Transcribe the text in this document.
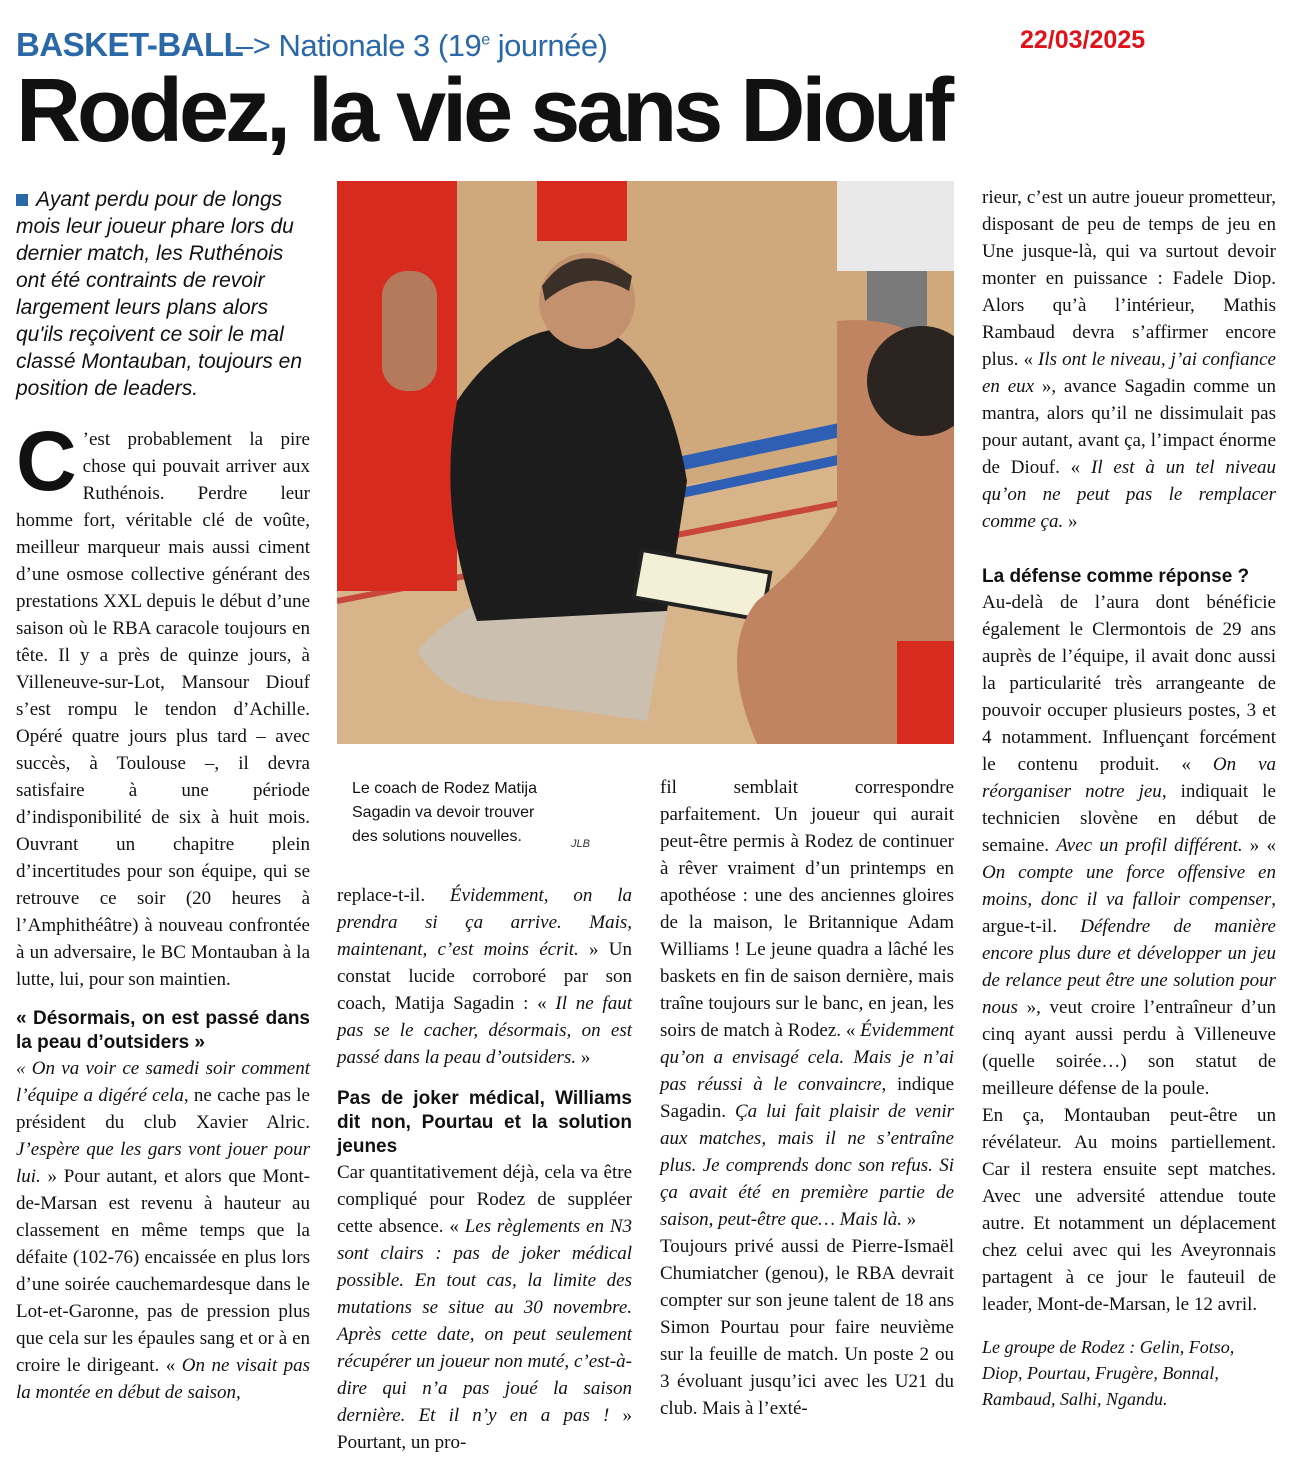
BASKET-BALL
–> Nationale 3 (19e journée)	22/03/2025
Rodez, la vie sans Diouf
Ayant perdu pour de longs mois leur joueur phare lors du dernier match, les Ruthénois ont été contraints de revoir largement leurs plans alors qu'ils reçoivent ce soir le mal classé Montauban, toujours en position de leaders.
Le coach de Rodez Matija Sagadin va devoir trouver des solutions nouvelles.	JLB

C ’est probablement la pire chose qui pouvait arriver aux Ruthénois. Perdre leur homme fort, véritable clé de voûte, meilleur marqueur mais aussi ciment d’une osmose collective générant des prestations XXL depuis le début d’une saison où le RBA caracole toujours en tête. Il y a près de quinze jours, à Villeneuve-sur-Lot, Mansour Diouf s’est rompu le tendon d’Achille. Opéré quatre jours plus tard – avec succès, à Toulouse –, il devra satisfaire à une période d’indisponibilité de six à huit mois. Ouvrant un chapitre plein d’incertitudes pour son équipe, qui se retrouve ce soir (20 heures à l’Amphithéâtre) à nouveau confrontée à un adversaire, le BC Montauban à la lutte, lui, pour son maintien.

« Désormais, on est passé dans la peau d’outsiders »

« On va voir ce samedi soir comment l’équipe a digéré cela, ne cache pas le président du club Xavier Alric. J’espère que les gars vont jouer pour lui. » Pour autant, et alors que Mont-de-Marsan est revenu à hauteur au classement en même temps que la défaite (102-76) encaissée en plus lors d’une soirée cauchemardesque dans le Lot-et-Garonne, pas de pression plus que cela sur les épaules sang et or à en croire le dirigeant. « On ne visait pas la montée en début de saison,

replace-t-il. Évidemment, on la prendra si ça arrive. Mais, maintenant, c’est moins écrit. » Un constat lucide corroboré par son coach, Matija Sagadin : « Il ne faut pas se le cacher, désormais, on est passé dans la peau d’outsiders. »

Pas de joker médical, Williams dit non, Pourtau et la solution jeunes

Car quantitativement déjà, cela va être compliqué pour Rodez de suppléer cette absence. « Les règlements en N3 sont clairs : pas de joker médical possible. En tout cas, la limite des mutations se situe au 30 novembre. Après cette date, on peut seulement récupérer un joueur non muté, c’est-à-dire qui n’a pas joué la saison dernière. Et il n’y en a pas ! » Pourtant, un pro-

fil semblait correspondre parfaitement. Un joueur qui aurait peut-être permis à Rodez de continuer à rêver vraiment d’un printemps en apothéose : une des anciennes gloires de la maison, le Britannique Adam Williams ! Le jeune quadra a lâché les baskets en fin de saison dernière, mais traîne toujours sur le banc, en jean, les soirs de match à Rodez. « Évidemment qu’on a envisagé cela. Mais je n’ai pas réussi à le convaincre, indique Sagadin. Ça lui fait plaisir de venir aux matches, mais il ne s’entraîne plus. Je comprends donc son refus. Si ça avait été en première partie de saison, peut-être que… Mais là. »

Toujours privé aussi de Pierre-Ismaël Chumiatcher (genou), le RBA devrait compter sur son jeune talent de 18 ans Simon Pourtau pour faire neuvième sur la feuille de match. Un poste 2 ou 3 évoluant jusqu’ici avec les U21 du club. Mais à l’exté-

rieur, c’est un autre joueur prometteur, disposant de peu de temps de jeu en Une jusque-là, qui va surtout devoir monter en puissance : Fadele Diop. Alors qu’à l’intérieur, Mathis Rambaud devra s’affirmer encore plus. « Ils ont le niveau, j’ai confiance en eux », avance Sagadin comme un mantra, alors qu’il ne dissimulait pas pour autant, avant ça, l’impact énorme de Diouf. « Il est à un tel niveau qu’on ne peut pas le remplacer comme ça. »

La défense comme réponse ?

Au-delà de l’aura dont bénéficie également le Clermontois de 29 ans auprès de l’équipe, il avait donc aussi la particularité très arrangeante de pouvoir occuper plusieurs postes, 3 et 4 notamment. Influençant forcément le contenu produit. « On va réorganiser notre jeu, indiquait le technicien slovène en début de semaine. Avec un profil différent. » « On compte une force offensive en moins, donc il va falloir compenser, argue-t-il. Défendre de manière encore plus dure et développer un jeu de relance peut être une solution pour nous », veut croire l’entraîneur d’un cinq ayant aussi perdu à Villeneuve (quelle soirée…) son statut de meilleure défense de la poule.

En ça, Montauban peut-être un révélateur. Au moins partiellement. Car il restera ensuite sept matches. Avec une adversité attendue toute autre. Et notamment un déplacement chez celui avec qui les Aveyronnais partagent à ce jour le fauteuil de leader, Mont-de-Marsan, le 12 avril.

Le groupe de Rodez : Gelin, Fotso, Diop, Pourtau, Frugère, Bonnal, Rambaud, Salhi, Ngandu.
